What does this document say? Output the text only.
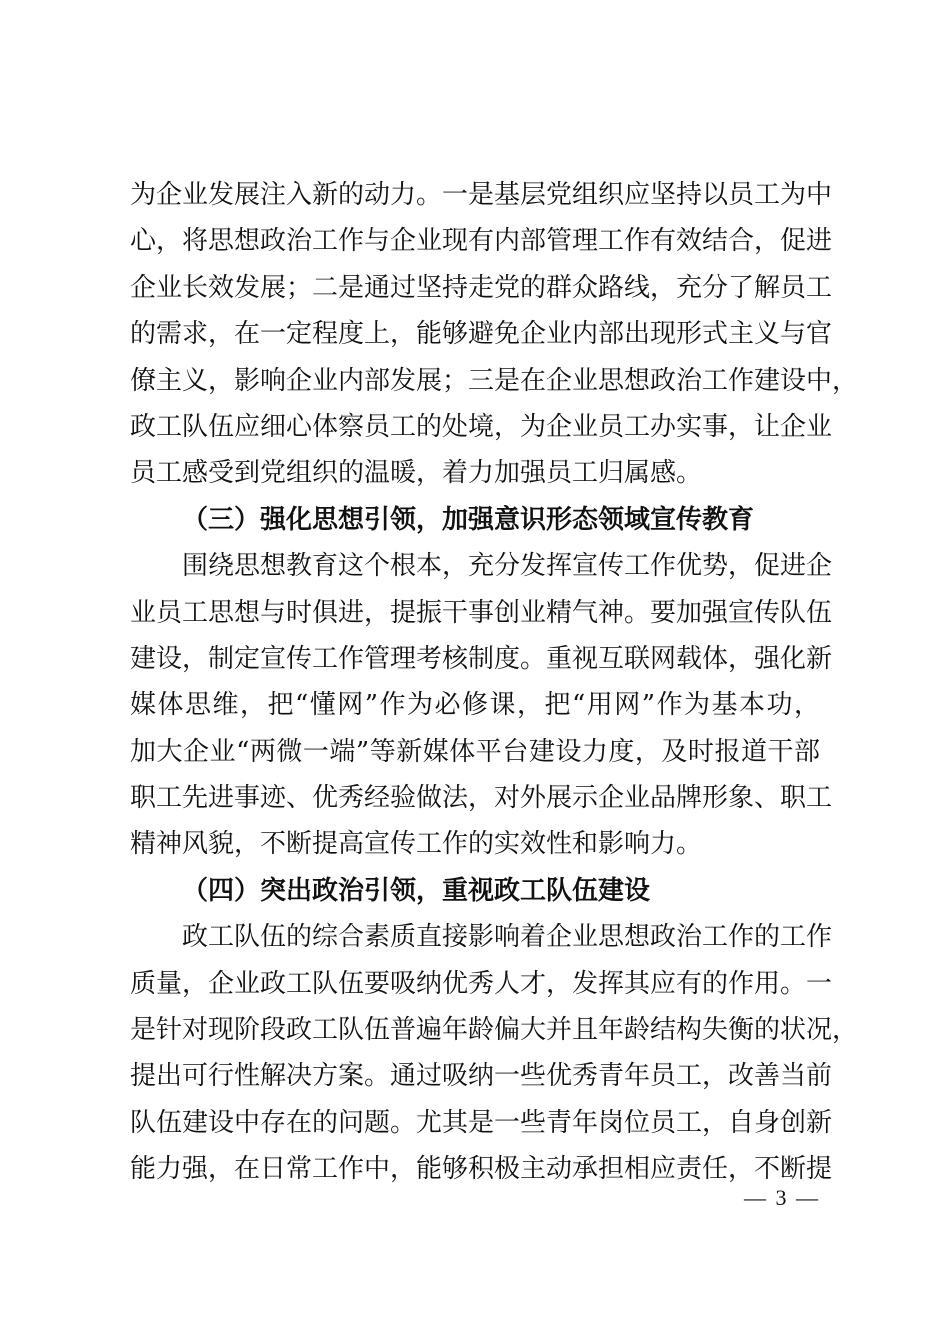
为企业发展注入新的动力。一是基层党组织应坚持以员工为中
心，将思想政治工作与企业现有内部管理工作有效结合，促进
企业长效发展；二是通过坚持走党的群众路线，充分了解员工
的需求，在一定程度上，能够避免企业内部出现形式主义与官
僚主义，影响企业内部发展；三是在企业思想政治工作建设中，
政工队伍应细心体察员工的处境，为企业员工办实事，让企业
员工感受到党组织的温暖，着力加强员工归属感。
（三）强化思想引领，加强意识形态领域宣传教育
围绕思想教育这个根本，充分发挥宣传工作优势，促进企
业员工思想与时俱进，提振干事创业精气神。要加强宣传队伍
建设，制定宣传工作管理考核制度。重视互联网载体，强化新
媒体思维，把“懂网”作为必修课，把“用网”作为基本功，
加大企业“两微一端”等新媒体平台建设力度，及时报道干部
职工先进事迹、优秀经验做法，对外展示企业品牌形象、职工
精神风貌，不断提高宣传工作的实效性和影响力。
（四）突出政治引领，重视政工队伍建设
政工队伍的综合素质直接影响着企业思想政治工作的工作
质量，企业政工队伍要吸纳优秀人才，发挥其应有的作用。一
是针对现阶段政工队伍普遍年龄偏大并且年龄结构失衡的状况，
提出可行性解决方案。通过吸纳一些优秀青年员工，改善当前
队伍建设中存在的问题。尤其是一些青年岗位员工，自身创新
能力强，在日常工作中，能够积极主动承担相应责任，不断提
— 3 —
